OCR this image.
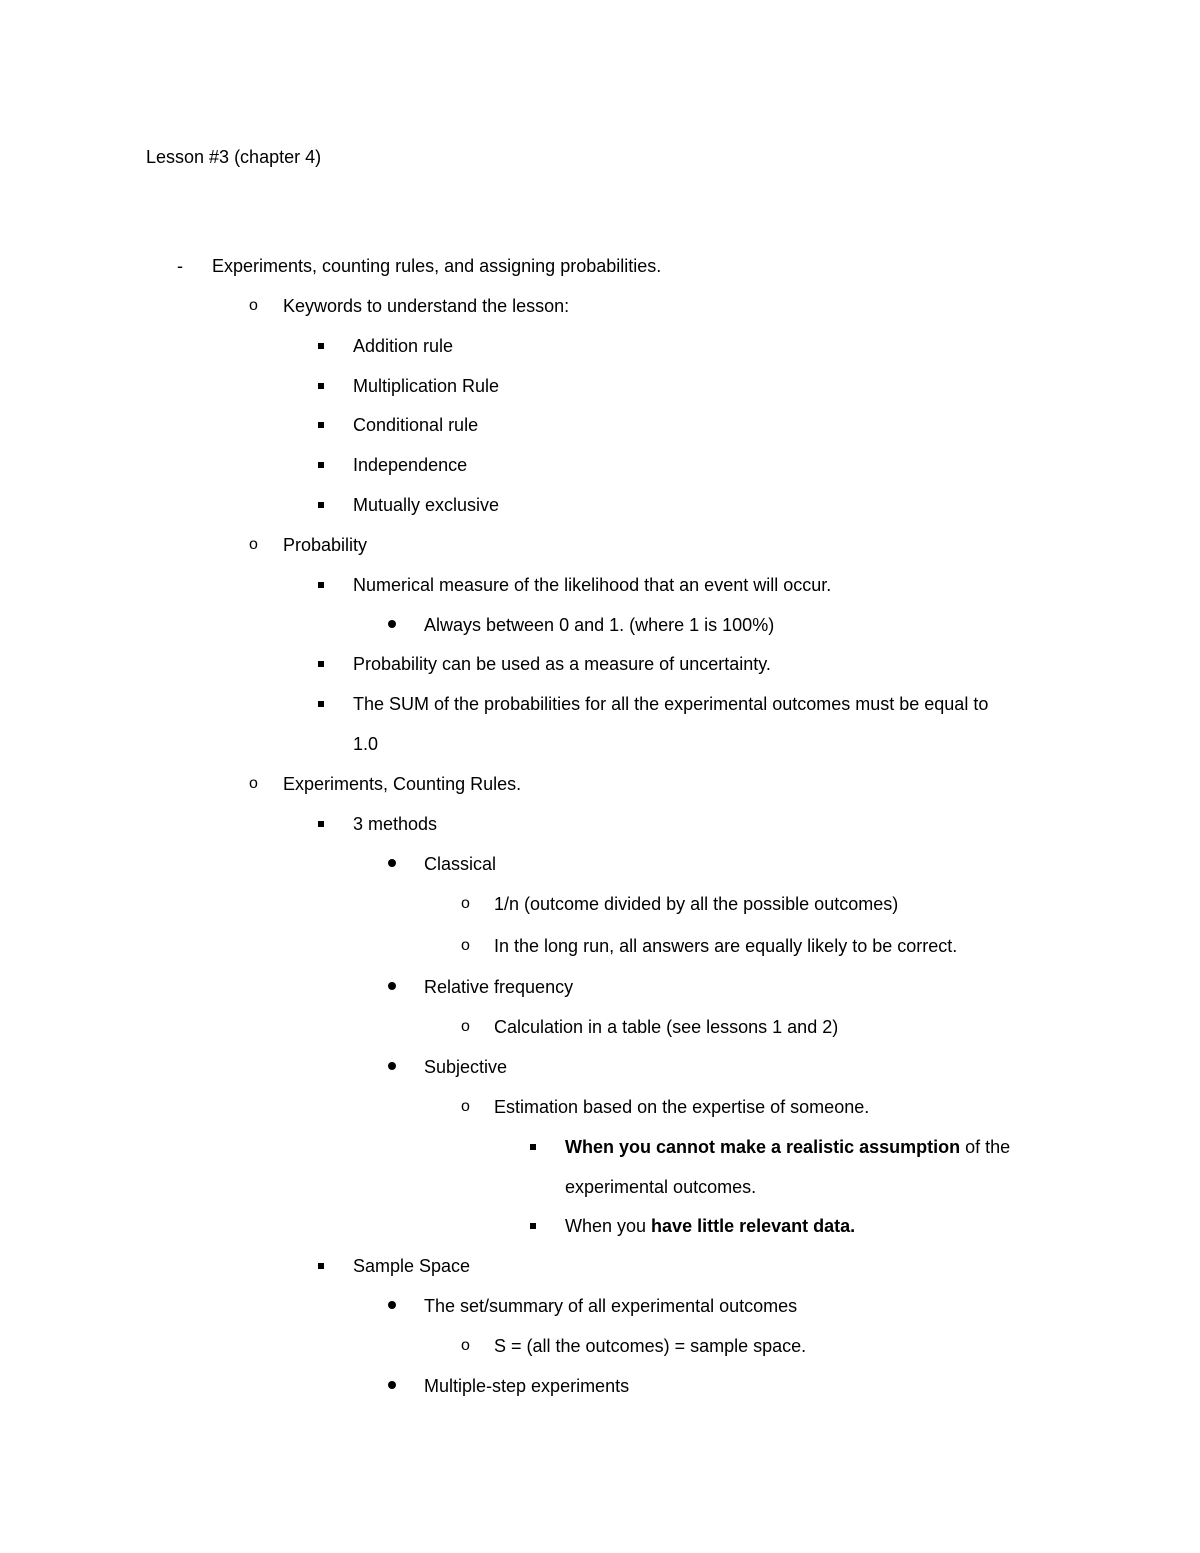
Lesson #3 (chapter 4)
-	Experiments, counting rules, and assigning probabilities.
o Keywords to understand the lesson:
Addition rule
Multiplication Rule
Conditional rule
Independence
Mutually exclusive
o Probability
Numerical measure of the likelihood that an event will occur.
Always between 0 and 1. (where 1 is 100%)
Probability can be used as a measure of uncertainty.
The SUM of the probabilities for all the experimental outcomes must be equal to
1.0
o Experiments, Counting Rules.
3 methods
Classical
o 1/n (outcome divided by all the possible outcomes)
o In the long run, all answers are equally likely to be correct.
Relative frequency
o Calculation in a table (see lessons 1 and 2)
Subjective
o Estimation based on the expertise of someone.
When you cannot make a realistic assumption of the
experimental outcomes.
When you have little relevant data.
Sample Space
The set/summary of all experimental outcomes
o S = (all the outcomes) = sample space.
Multiple-step experiments
